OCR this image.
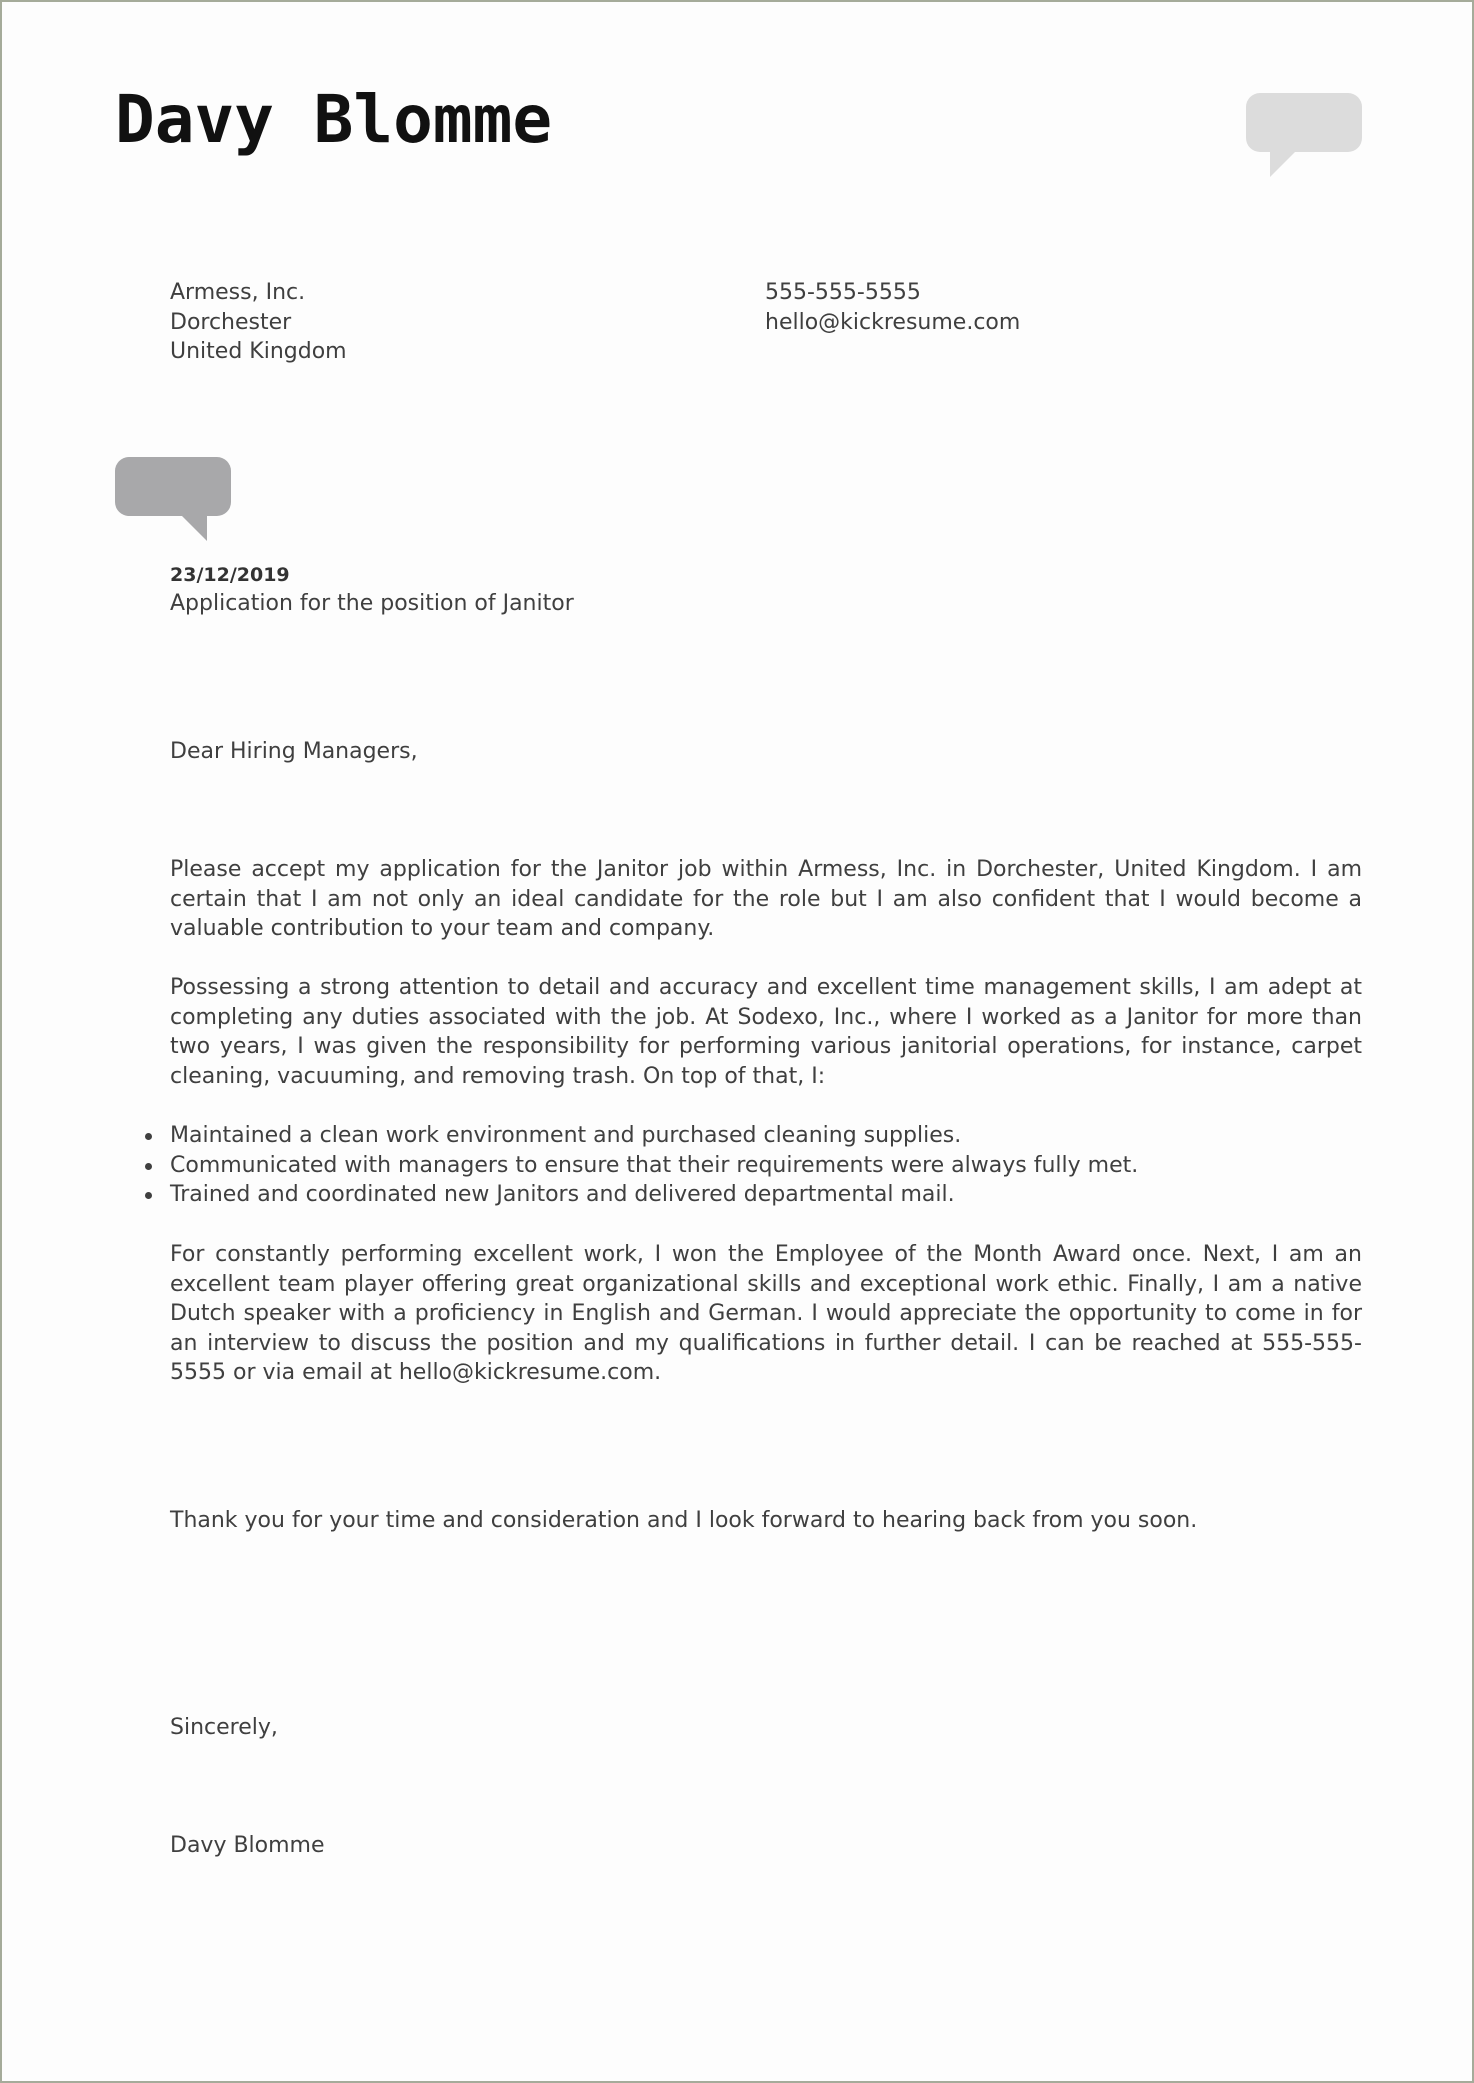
Davy Blomme
Armess, Inc.
Dorchester
United Kingdom
555-555-5555
hello@kickresume.com
23/12/2019
Application for the position of Janitor
Dear Hiring Managers,

Please accept my application for the Janitor job within Armess, Inc. in Dorchester, United Kingdom. I am certain that I am not only an ideal candidate for the role but I am also confident that I would become a valuable contribution to your team and company.

Possessing a strong attention to detail and accuracy and excellent time management skills, I am adept at completing any duties associated with the job. At Sodexo, Inc., where I worked as a Janitor for more than two years, I was given the responsibility for performing various janitorial operations, for instance, carpet cleaning, vacuuming, and removing trash. On top of that, I:

Maintained a clean work environment and purchased cleaning supplies.
Communicated with managers to ensure that their requirements were always fully met.
Trained and coordinated new Janitors and delivered departmental mail.

For constantly performing excellent work, I won the Employee of the Month Award once. Next, I am an excellent team player offering great organizational skills and exceptional work ethic. Finally, I am a native Dutch speaker with a proficiency in English and German. I would appreciate the opportunity to come in for an interview to discuss the position and my qualifications in further detail. I can be reached at 555-555-5555 or via email at hello@kickresume.com.

Thank you for your time and consideration and I look forward to hearing back from you soon.
Sincerely,
Davy Blomme
